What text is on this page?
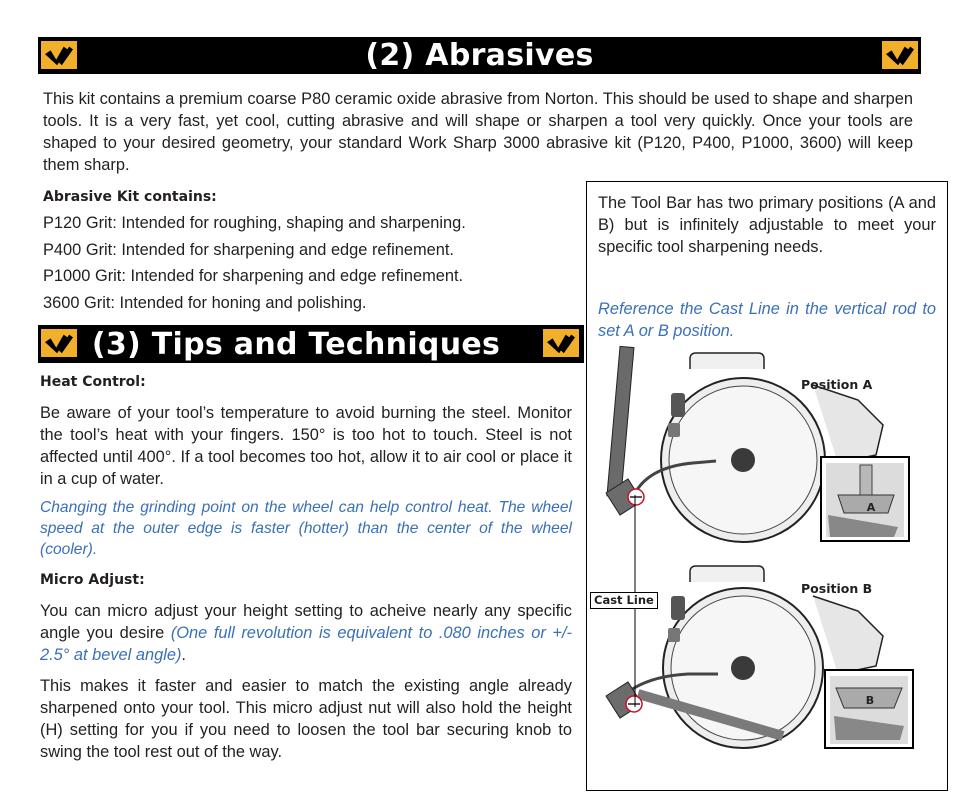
(2) Abrasives
This kit contains a premium coarse P80 ceramic oxide abrasive from Norton. This should be used to shape and sharpen tools. It is a very fast, yet cool, cutting abrasive and will shape or sharpen a tool very quickly. Once your tools are shaped to your desired geometry, your standard Work Sharp 3000 abrasive kit (P120, P400, P1000, 3600) will keep them sharp.
Abrasive Kit contains:
P120 Grit: Intended for roughing, shaping and sharpening.
P400 Grit: Intended for sharpening and edge refinement.
P1000 Grit: Intended for sharpening and edge refinement.
3600 Grit: Intended for honing and polishing.
(3) Tips and Techniques
Heat Control:
Be aware of your tool’s temperature to avoid burning the steel. Monitor the tool’s heat with your fingers. 150° is too hot to touch. Steel is not affected until 400°. If a tool becomes too hot, allow it to air cool or place it in a cup of water.
Changing the grinding point on the wheel can help control heat. The wheel speed at the outer edge is faster (hotter) than the center of the wheel (cooler).
Micro Adjust:
You can micro adjust your height setting to acheive nearly any specific angle you desire (One full revolution is equivalent to .080 inches or +/- 2.5° at bevel angle).
This makes it faster and easier to match the existing angle already sharpened onto your tool. This micro adjust nut will also hold the height (H) setting for you if you need to loosen the tool bar securing knob to swing the tool rest out of the way.
The Tool Bar has two primary positions (A and B) but is infinitely adjustable to meet your specific tool sharpening needs.
Reference the Cast Line in the vertical rod to set A or B position.
A
Position A
B
Position B
Cast Line
